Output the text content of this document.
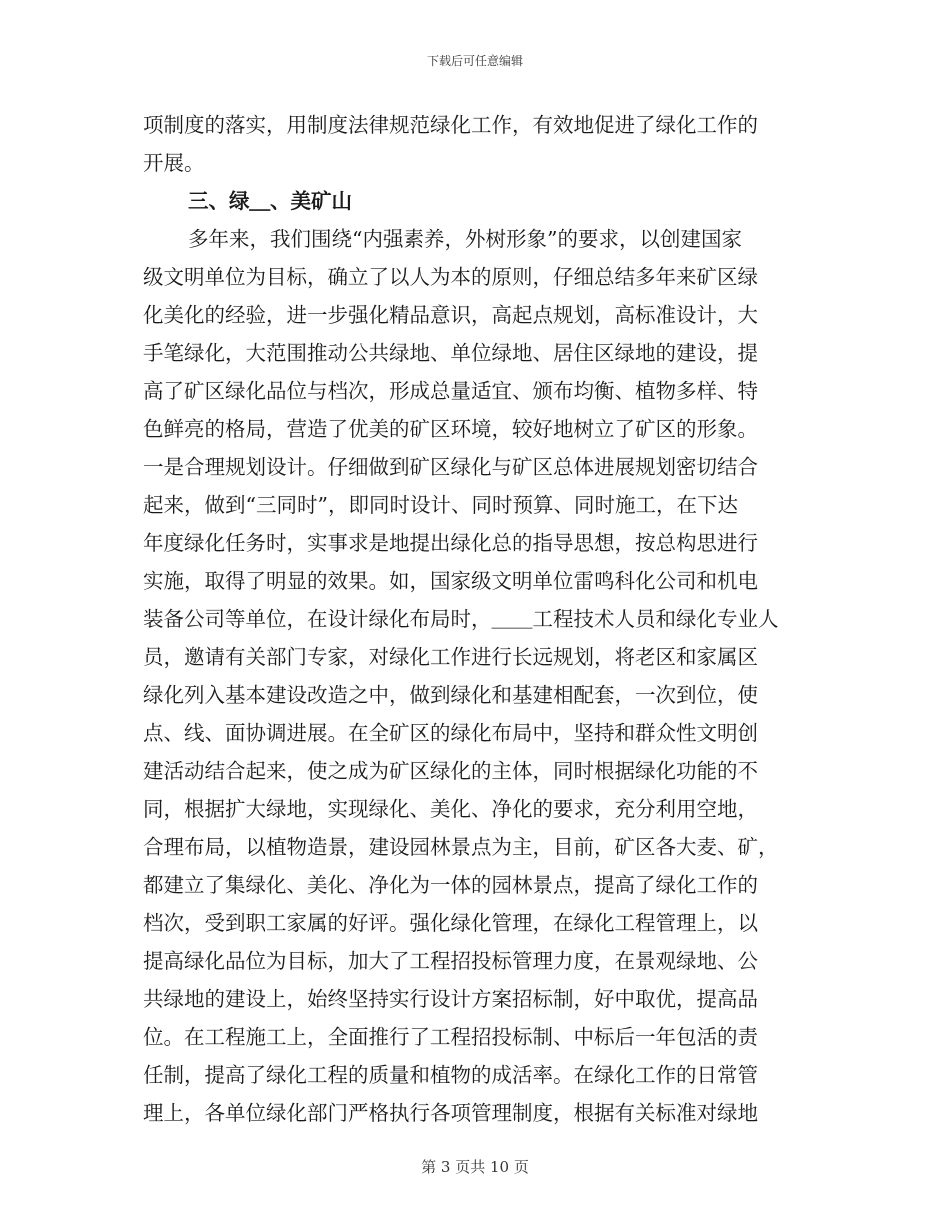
下载后可任意编辑
项制度的落实，用制度法律规范绿化工作，有效地促进了绿化工作的
开展。
三、绿＿、美矿山
多年来，我们围绕“内强素养，外树形象”的要求，以创建国家
级文明单位为目标，确立了以人为本的原则，仔细总结多年来矿区绿
化美化的经验，进一步强化精品意识，高起点规划，高标准设计，大
手笔绿化，大范围推动公共绿地、单位绿地、居住区绿地的建设，提
高了矿区绿化品位与档次，形成总量适宜、颁布均衡、植物多样、特
色鲜亮的格局，营造了优美的矿区环境，较好地树立了矿区的形象。
一是合理规划设计。仔细做到矿区绿化与矿区总体进展规划密切结合
起来，做到“三同时”，即同时设计、同时预算、同时施工，在下达
年度绿化任务时，实事求是地提出绿化总的指导思想，按总构思进行
实施，取得了明显的效果。如，国家级文明单位雷鸣科化公司和机电
装备公司等单位，在设计绿化布局时，＿＿工程技术人员和绿化专业人
员，邀请有关部门专家，对绿化工作进行长远规划，将老区和家属区
绿化列入基本建设改造之中，做到绿化和基建相配套，一次到位，使
点、线、面协调进展。在全矿区的绿化布局中，坚持和群众性文明创
建活动结合起来，使之成为矿区绿化的主体，同时根据绿化功能的不
同，根据扩大绿地，实现绿化、美化、净化的要求，充分利用空地，
合理布局，以植物造景，建设园林景点为主，目前，矿区各大麦、矿，
都建立了集绿化、美化、净化为一体的园林景点，提高了绿化工作的
档次，受到职工家属的好评。强化绿化管理，在绿化工程管理上，以
提高绿化品位为目标，加大了工程招投标管理力度，在景观绿地、公
共绿地的建设上，始终坚持实行设计方案招标制，好中取优，提高品
位。在工程施工上，全面推行了工程招投标制、中标后一年包活的责
任制，提高了绿化工程的质量和植物的成活率。在绿化工作的日常管
理上，各单位绿化部门严格执行各项管理制度，根据有关标准对绿地
第 3 页共 10 页
